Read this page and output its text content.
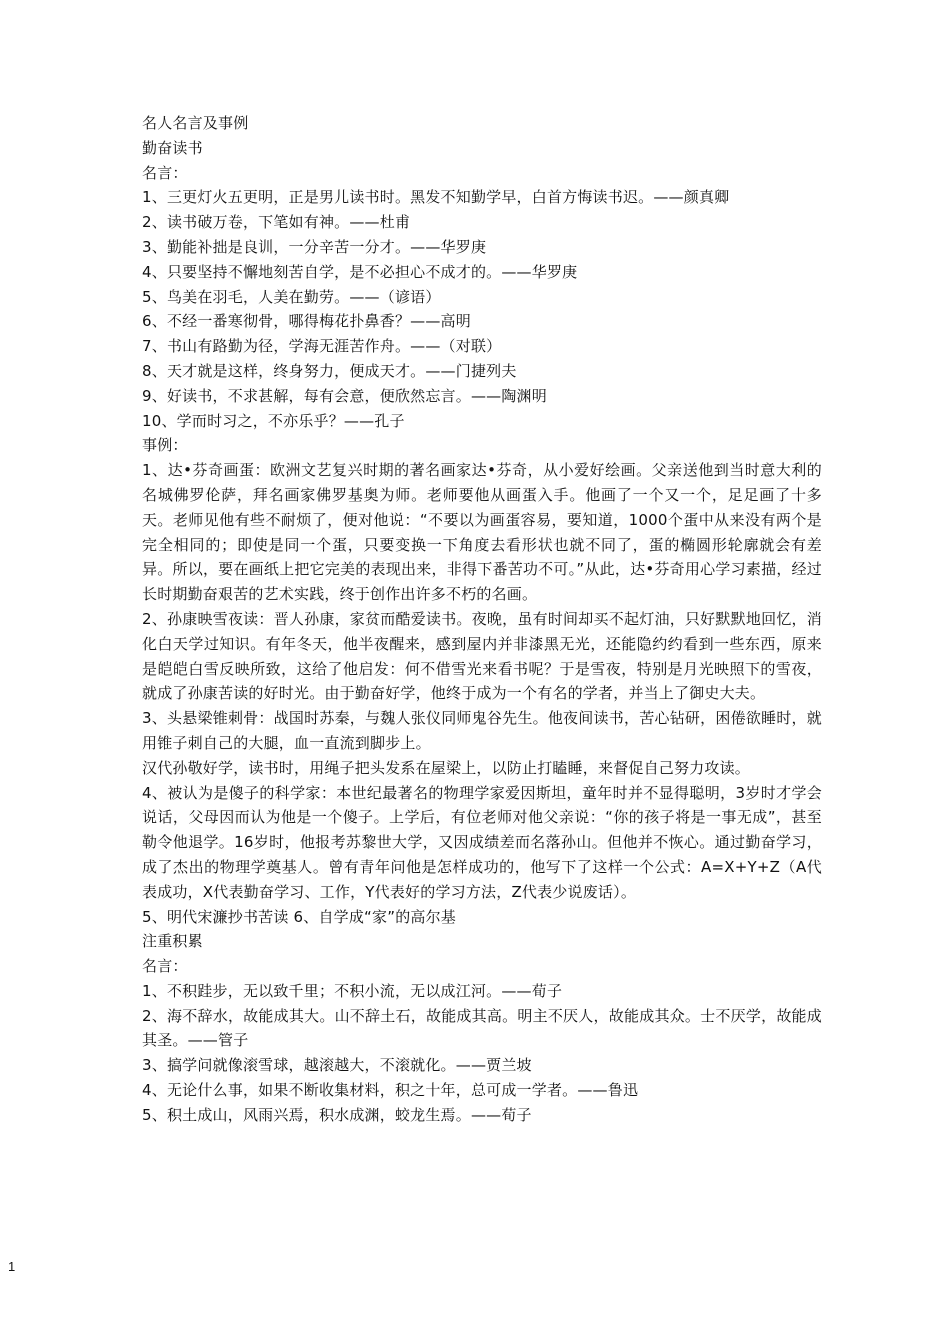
名人名言及事例
勤奋读书
名言：
1、三更灯火五更明，正是男儿读书时。黑发不知勤学早，白首方悔读书迟。——颜真卿
2、读书破万卷，下笔如有神。——杜甫
3、勤能补拙是良训，一分辛苦一分才。——华罗庚
4、只要坚持不懈地刻苦自学，是不必担心不成才的。——华罗庚
5、鸟美在羽毛，人美在勤劳。——（谚语）
6、不经一番寒彻骨，哪得梅花扑鼻香？——高明
7、书山有路勤为径，学海无涯苦作舟。——（对联）
8、天才就是这样，终身努力，便成天才。——门捷列夫
9、好读书，不求甚解，每有会意，便欣然忘言。——陶渊明
10、学而时习之，不亦乐乎？——孔子
事例：
1、达•芬奇画蛋：欧洲文艺复兴时期的著名画家达•芬奇，从小爱好绘画。父亲送他到当时意大利的名城佛罗伦萨，拜名画家佛罗基奥为师。老师要他从画蛋入手。他画了一个又一个，足足画了十多天。老师见他有些不耐烦了，便对他说：“不要以为画蛋容易，要知道，1000个蛋中从来没有两个是完全相同的；即使是同一个蛋，只要变换一下角度去看形状也就不同了，蛋的椭圆形轮廓就会有差异。所以，要在画纸上把它完美的表现出来，非得下番苦功不可。”从此，达•芬奇用心学习素描，经过长时期勤奋艰苦的艺术实践，终于创作出许多不朽的名画。
2、孙康映雪夜读：晋人孙康，家贫而酷爱读书。夜晚，虽有时间却买不起灯油，只好默默地回忆，消化白天学过知识。有年冬天，他半夜醒来，感到屋内并非漆黑无光，还能隐约约看到一些东西，原来是皑皑白雪反映所致，这给了他启发：何不借雪光来看书呢？于是雪夜，特别是月光映照下的雪夜，就成了孙康苦读的好时光。由于勤奋好学，他终于成为一个有名的学者，并当上了御史大夫。
3、头悬梁锥刺骨：战国时苏秦，与魏人张仪同师鬼谷先生。他夜间读书，苦心钻研，困倦欲睡时，就用锥子刺自己的大腿，血一直流到脚步上。
汉代孙敬好学，读书时，用绳子把头发系在屋梁上，以防止打瞌睡，来督促自己努力攻读。
4、被认为是傻子的科学家：本世纪最著名的物理学家爱因斯坦，童年时并不显得聪明，3岁时才学会说话，父母因而认为他是一个傻子。上学后，有位老师对他父亲说：“你的孩子将是一事无成”，甚至勒令他退学。16岁时，他报考苏黎世大学，又因成绩差而名落孙山。但他并不恢心。通过勤奋学习，成了杰出的物理学奠基人。曾有青年问他是怎样成功的，他写下了这样一个公式：A=X+Y+Z（A代表成功，X代表勤奋学习、工作，Y代表好的学习方法，Z代表少说废话）。
5、明代宋濂抄书苦读 6、自学成“家”的高尔基
注重积累
名言：
1、不积跬步，无以致千里；不积小流，无以成江河。——荀子
2、海不辞水，故能成其大。山不辞土石，故能成其高。明主不厌人，故能成其众。士不厌学，故能成其圣。——管子
3、搞学问就像滚雪球，越滚越大，不滚就化。——贾兰坡
4、无论什么事，如果不断收集材料，积之十年，总可成一学者。——鲁迅
5、积土成山，风雨兴焉，积水成渊，蛟龙生焉。——荀子
1
